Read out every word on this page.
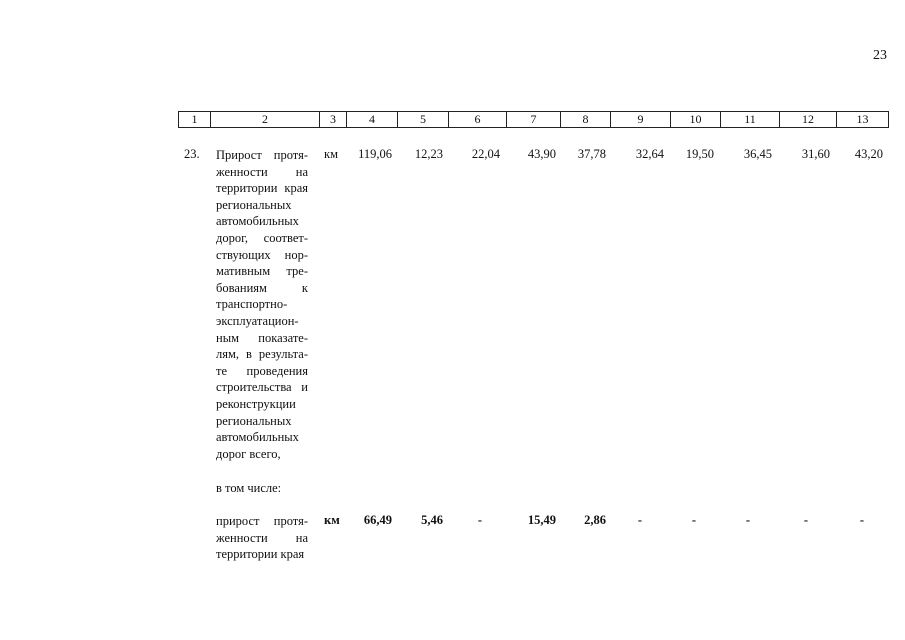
23
1	2	3	4	5	6	7	8	9	10	11	12	13
23. Прирост протя-
женности на
территории края
региональных
автомобильных
дорог, соответ-
ствующих нор-
мативным тре-
бованиям к
транспортно-
эксплуатацион-
ным показате-
лям, в результа-
те проведения
строительства и
реконструкции
региональных
автомобильных
дорог всего,
км	119,06	12,23	22,04	43,90	37,78	32,64	19,50	36,45	31,60	43,20
в том числе:
прирост протя-
женности на
территории края
км	66,49	5,46	-	15,49	2,86	-	-	-	-	-
